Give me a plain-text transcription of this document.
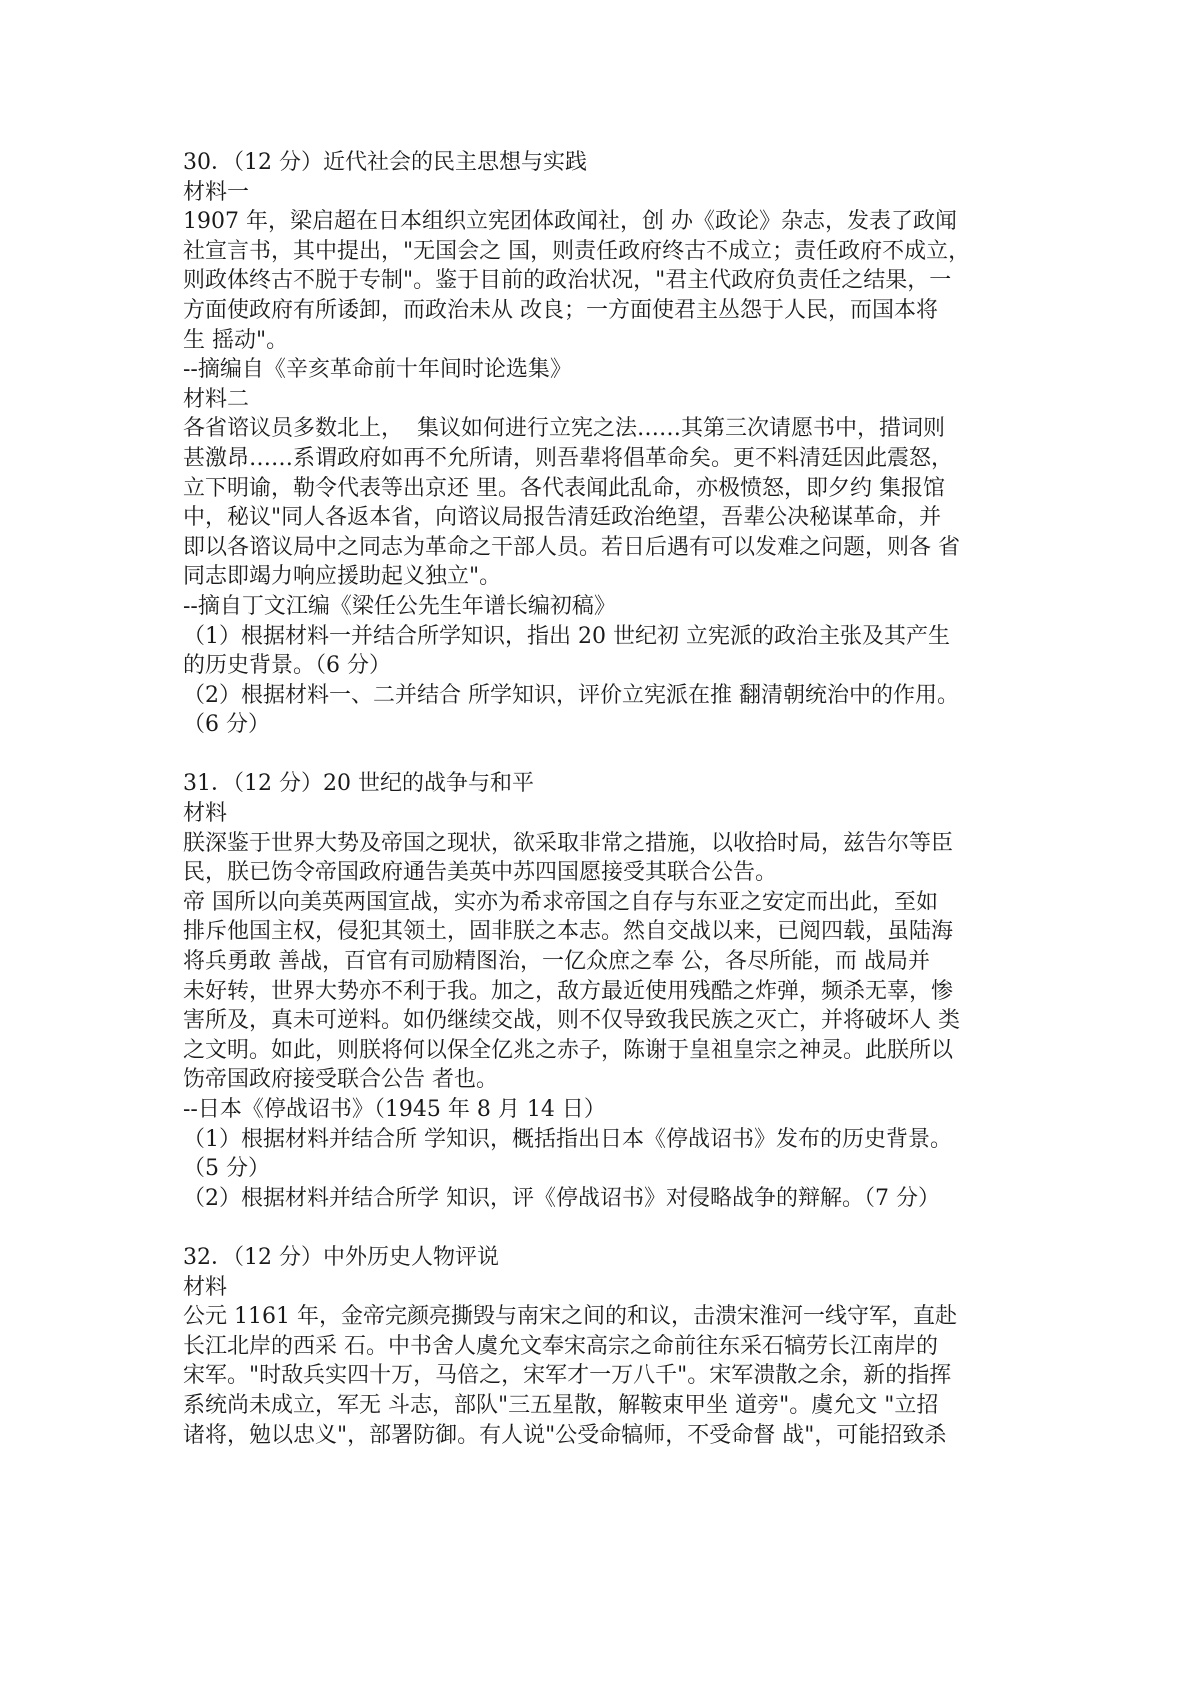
30．（12 分）近代社会的民主思想与实践
材料一
1907 年，梁启超在日本组织立宪团体政闻社，创 办《政论》杂志，发表了政闻
社宣言书，其中提出，"无国会之 国，则责任政府终古不成立；责任政府不成立，
则政体终古不脱于专制"。鉴于目前的政治状况，"君主代政府负责任之结果，一
方面使政府有所诿卸，而政治未从 改良；一方面使君主丛怨于人民，而国本将
生 摇动"。
--摘编自《辛亥革命前十年间时论选集》
材料二
各省谘议员多数北上，  集议如何进行立宪之法……其第三次请愿书中，措词则
甚激昂……系谓政府如再不允所请，则吾辈将倡革命矣。更不料清廷因此震怒，
立下明谕，勒令代表等出京还 里。各代表闻此乱命，亦极愤怒，即夕约 集报馆
中，秘议"同人各返本省，向谘议局报告清廷政治绝望，吾辈公决秘谋革命，并
即以各谘议局中之同志为革命之干部人员。若日后遇有可以发难之问题，则各 省
同志即竭力响应援助起义独立"。
--摘自丁文江编《梁任公先生年谱长编初稿》
（1）根据材料一并结合所学知识，指出 20 世纪初 立宪派的政治主张及其产生
的历史背景。（6 分）
（2）根据材料一、二并结合 所学知识，评价立宪派在推 翻清朝统治中的作用。
（6 分）
31．（12 分）20 世纪的战争与和平
材料
朕深鉴于世界大势及帝国之现状，欲采取非常之措施，以收拾时局，兹告尔等臣
民，朕已饬令帝国政府通告美英中苏四国愿接受其联合公告。
帝 国所以向美英两国宣战，实亦为希求帝国之自存与东亚之安定而出此，至如
排斥他国主权，侵犯其领土，固非朕之本志。然自交战以来，已阅四载，虽陆海
将兵勇敢 善战，百官有司励精图治，一亿众庶之奉 公，各尽所能，而 战局并
未好转，世界大势亦不利于我。加之，敌方最近使用残酷之炸弹，频杀无辜，惨
害所及，真未可逆料。如仍继续交战，则不仅导致我民族之灭亡，并将破坏人 类
之文明。如此，则朕将何以保全亿兆之赤子，陈谢于皇祖皇宗之神灵。此朕所以
饬帝国政府接受联合公告 者也。
--日本《停战诏书》（1945 年 8 月 14 日）
（1）根据材料并结合所 学知识，概括指出日本《停战诏书》发布的历史背景。
（5 分）
（2）根据材料并结合所学 知识，评《停战诏书》对侵略战争的辩解。（7 分）
32．（12 分）中外历史人物评说
材料
公元 1161 年，金帝完颜亮撕毁与南宋之间的和议，击溃宋淮河一线守军，直赴
长江北岸的西采 石。中书舍人虞允文奉宋高宗之命前往东采石犒劳长江南岸的
宋军。"时敌兵实四十万，马倍之，宋军才一万八千"。宋军溃散之余，新的指挥
系统尚未成立，军无 斗志，部队"三五星散，解鞍束甲坐 道旁"。虞允文 "立招
诸将，勉以忠义"，部署防御。有人说"公受命犒师，不受命督 战"，可能招致杀
